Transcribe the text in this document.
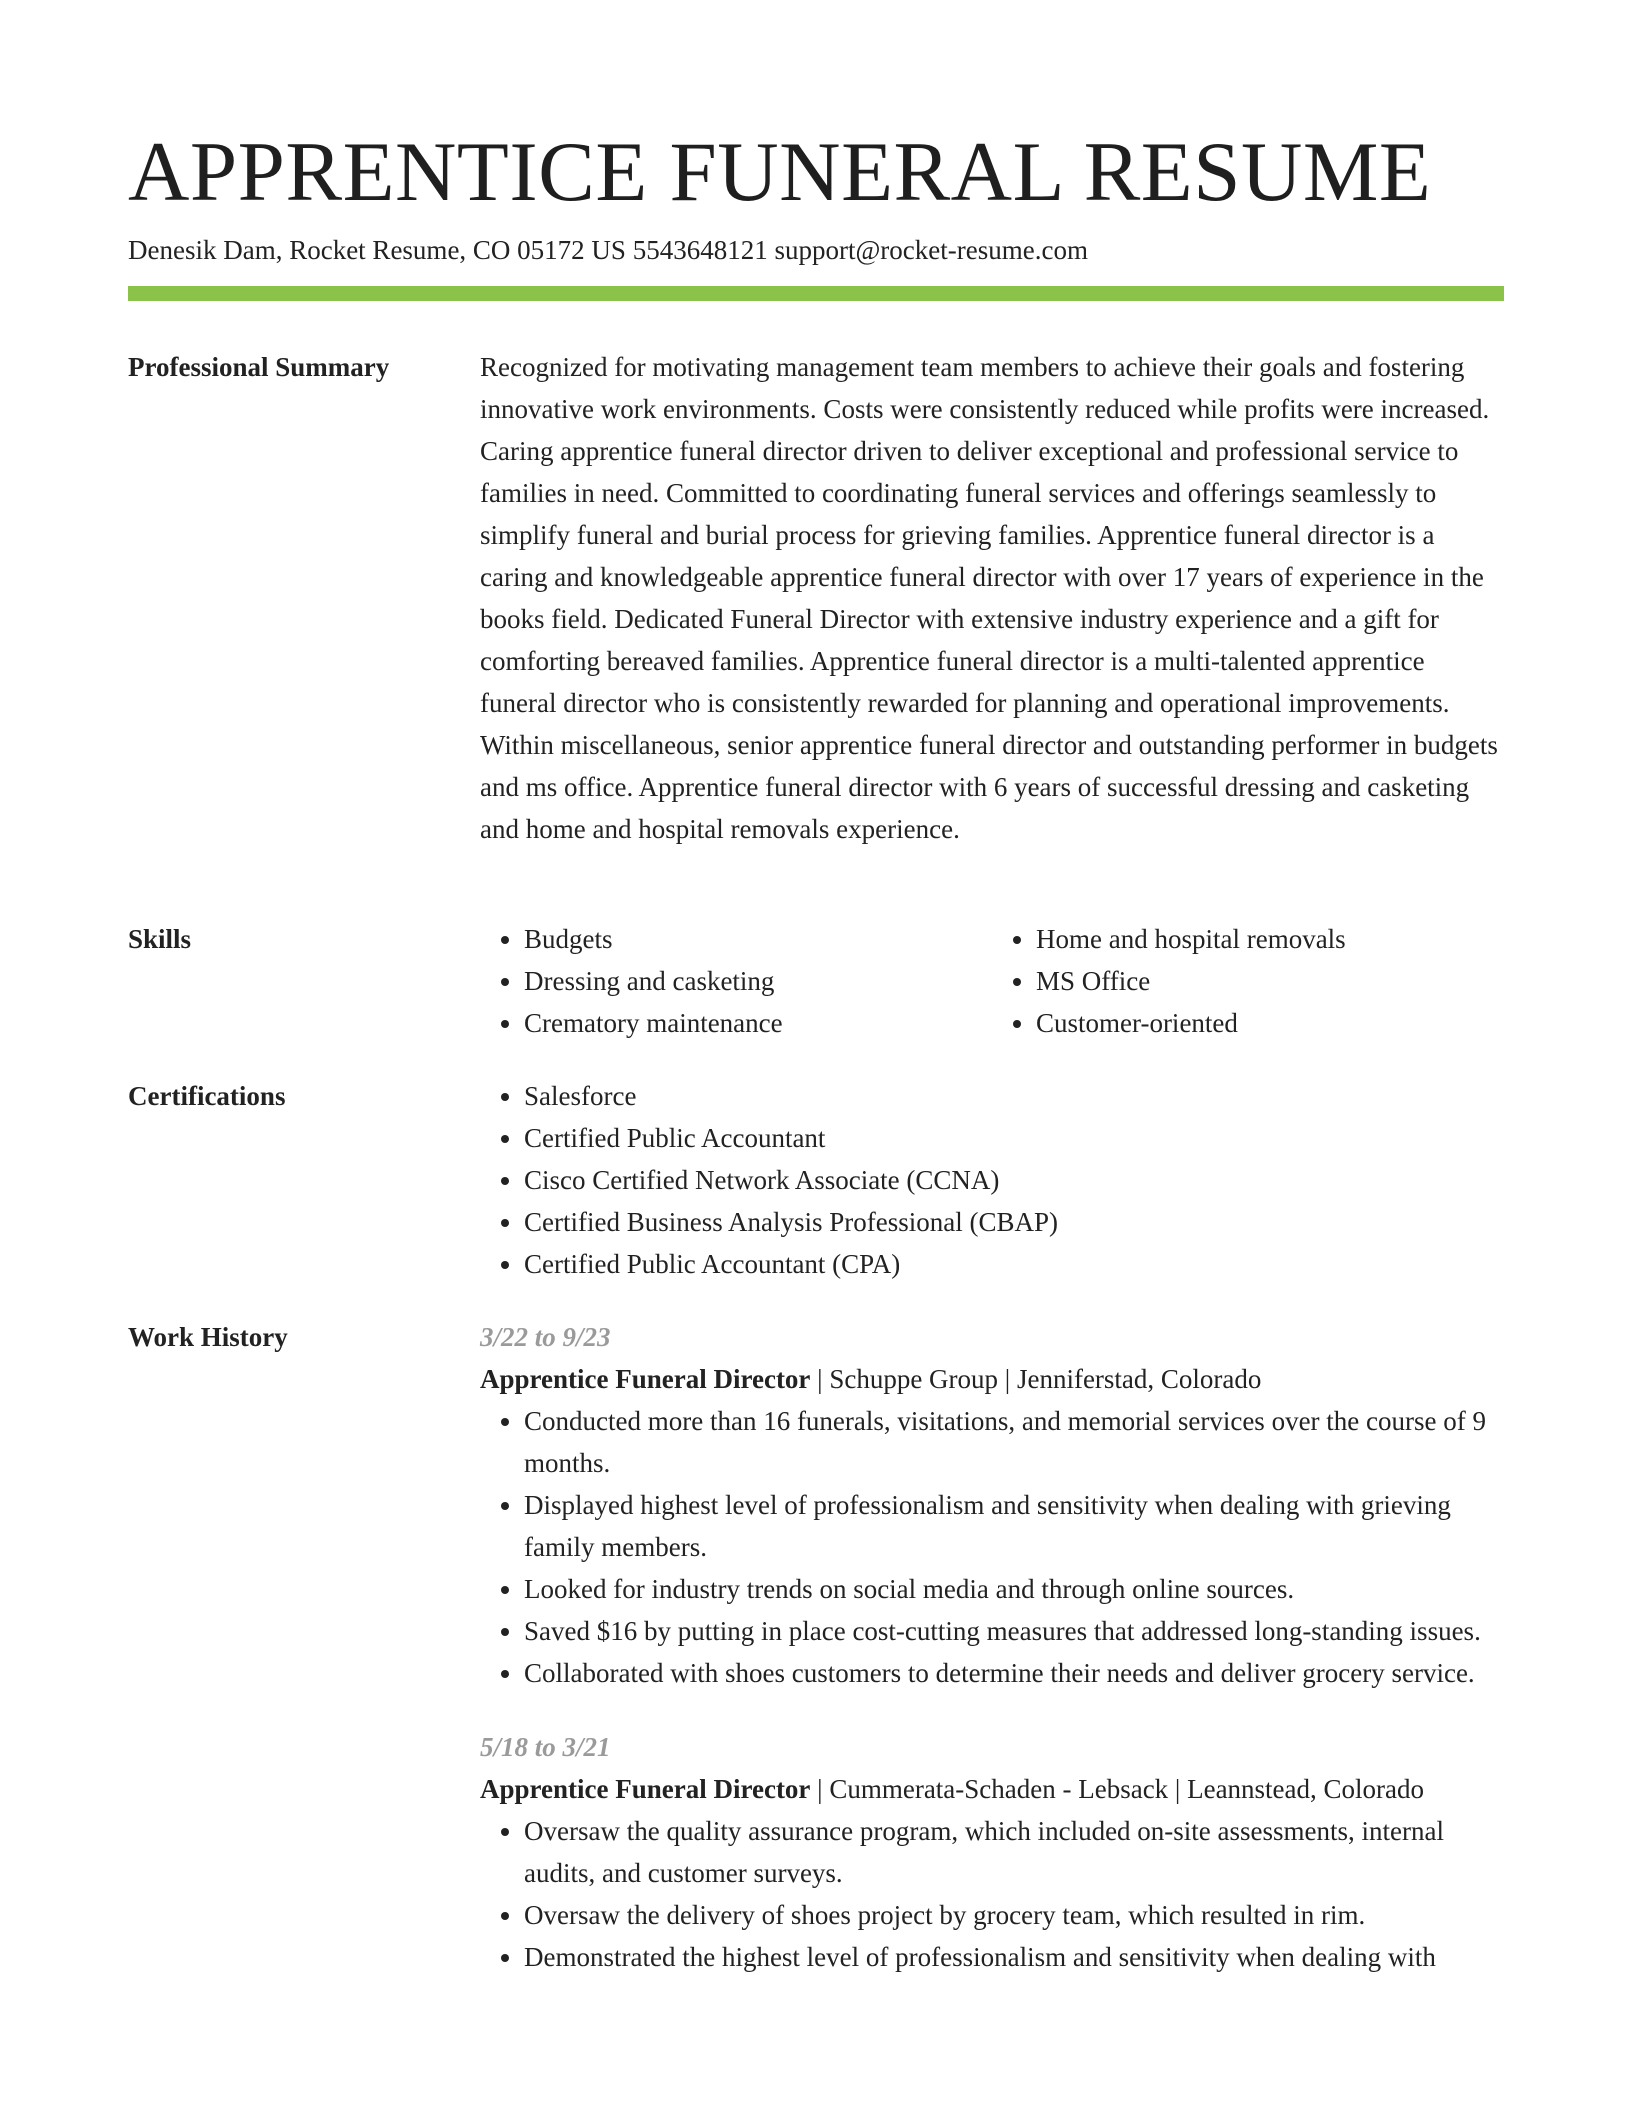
APPRENTICE FUNERAL RESUME
Denesik Dam, Rocket Resume, CO 05172 US 5543648121 support@rocket-resume.com
Professional Summary	Recognized for motivating management team members to achieve their goals and fostering innovative work environments. Costs were consistently reduced while profits were increased. Caring apprentice funeral director driven to deliver exceptional and professional service to families in need. Committed to coordinating funeral services and offerings seamlessly to simplify funeral and burial process for grieving families. Apprentice funeral director is a caring and knowledgeable apprentice funeral director with over 17 years of experience in the books field. Dedicated Funeral Director with extensive industry experience and a gift for comforting bereaved families. Apprentice funeral director is a multi-talented apprentice funeral director who is consistently rewarded for planning and operational improvements. Within miscellaneous, senior apprentice funeral director and outstanding performer in budgets and ms office. Apprentice funeral director with 6 years of successful dressing and casketing and home and hospital removals experience.

Skills	• Budgets
• Dressing and casketing
• Crematory maintenance
• Home and hospital removals
• MS Office
• Customer-oriented
Certifications	• Salesforce
• Certified Public Accountant
• Cisco Certified Network Associate (CCNA)
• Certified Business Analysis Professional (CBAP)
• Certified Public Accountant (CPA)
Work History	3/22 to 9/23
Apprentice Funeral Director | Schuppe Group | Jenniferstad, Colorado
• Conducted more than 16 funerals, visitations, and memorial services over the course of 9 months.
• Displayed highest level of professionalism and sensitivity when dealing with grieving family members.
• Looked for industry trends on social media and through online sources.
• Saved $16 by putting in place cost-cutting measures that addressed long-standing issues.
• Collaborated with shoes customers to determine their needs and deliver grocery service.
5/18 to 3/21
Apprentice Funeral Director | Cummerata-Schaden - Lebsack | Leannstead, Colorado
• Oversaw the quality assurance program, which included on-site assessments, internal audits, and customer surveys.
• Oversaw the delivery of shoes project by grocery team, which resulted in rim.
• Demonstrated the highest level of professionalism and sensitivity when dealing with
